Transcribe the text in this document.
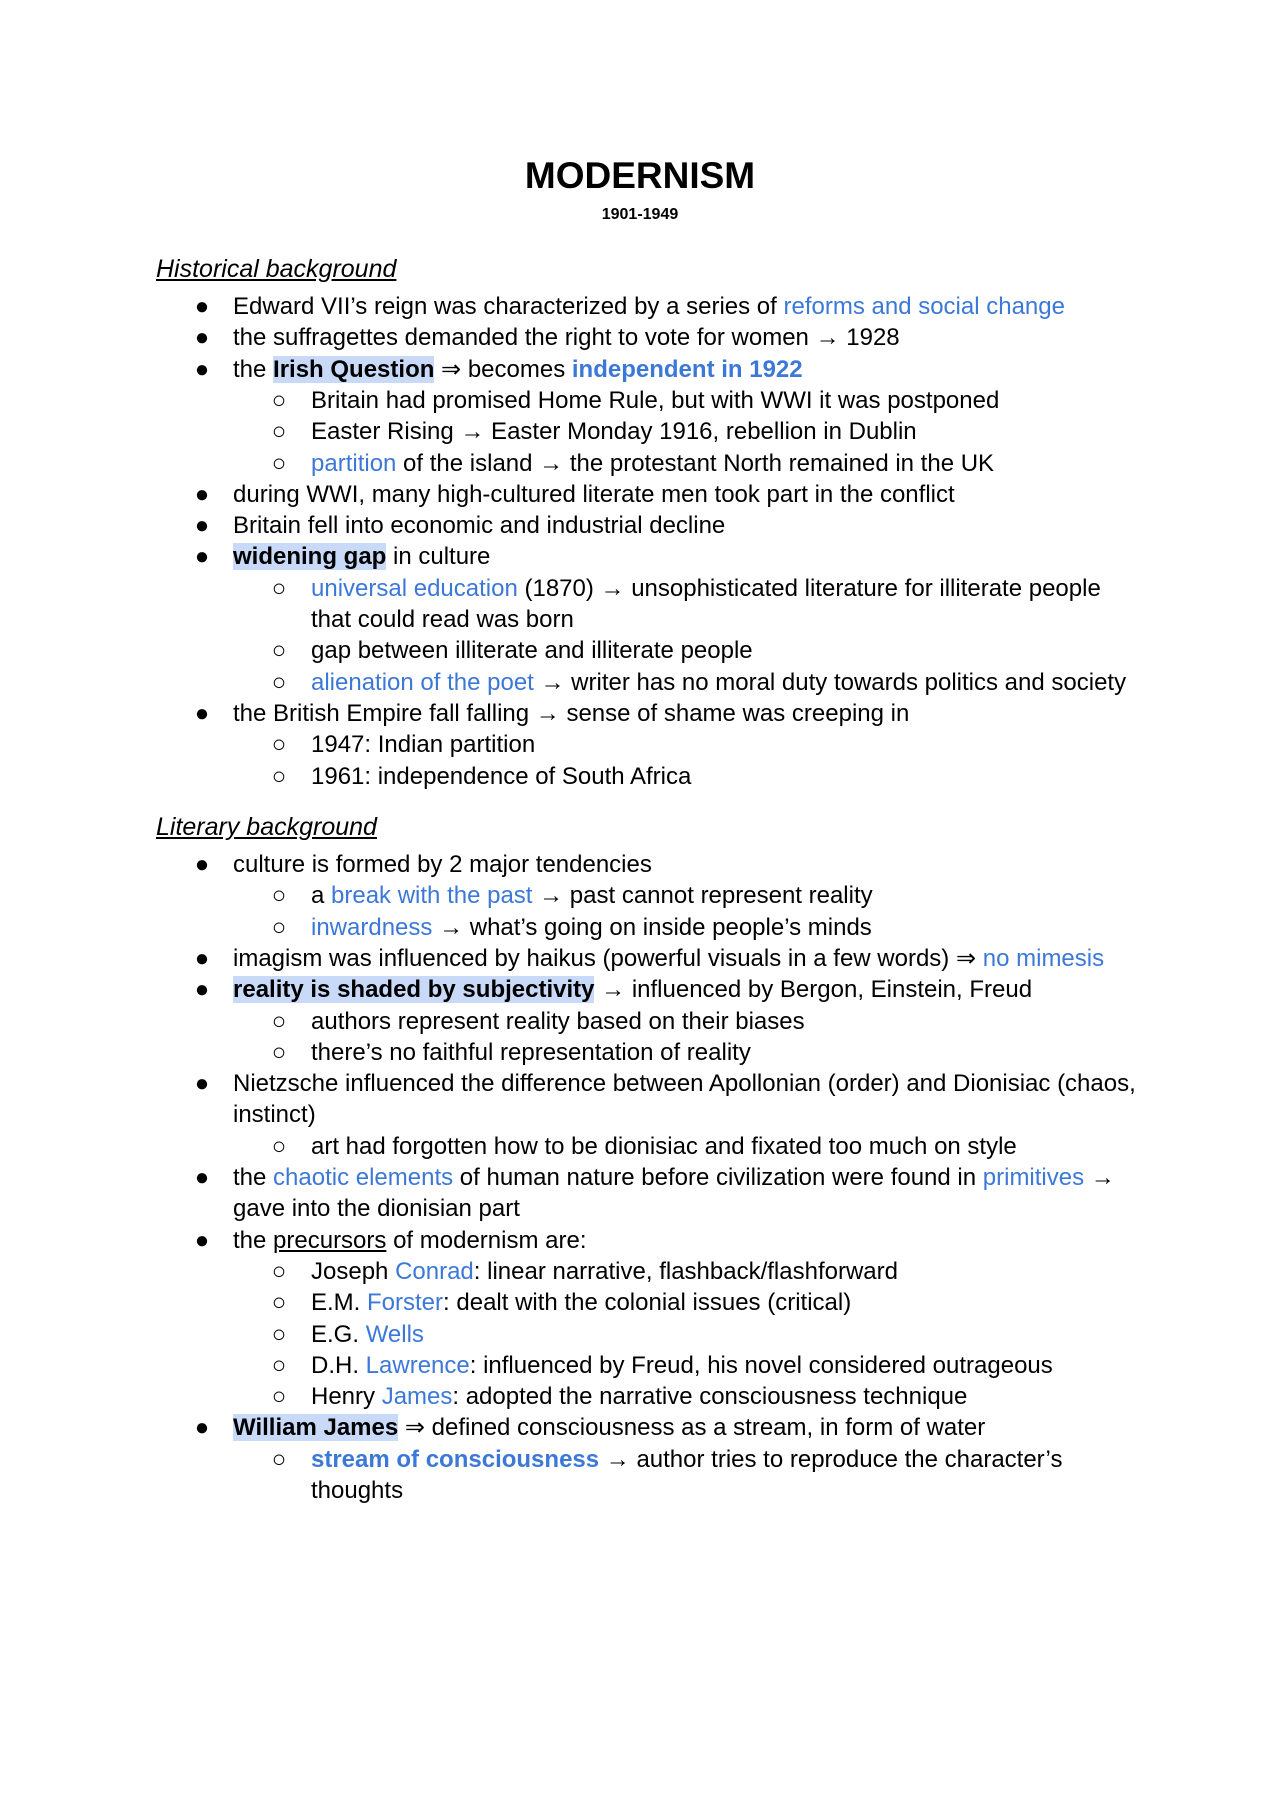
MODERNISM
1901-1949
Historical background
● Edward VII’s reign was characterized by a series of reforms and social change
● the suffragettes demanded the right to vote for women → 1928
● the Irish Question ⇒ becomes independent in 1922
○	Britain had promised Home Rule, but with WWI it was postponed
○	Easter Rising → Easter Monday 1916, rebellion in Dublin
○	partition of the island → the protestant North remained in the UK
● during WWI, many high-cultured literate men took part in the conflict
● Britain fell into economic and industrial decline
● widening gap in culture
○	universal education (1870) → unsophisticated literature for illiterate people
that could read was born
○	gap between illiterate and illiterate people
○	alienation of the poet → writer has no moral duty towards politics and society
● the British Empire fall falling → sense of shame was creeping in
○	1947: Indian partition
○	1961: independence of South Africa
Literary background
● culture is formed by 2 major tendencies
○	a break with the past → past cannot represent reality
○	inwardness → what’s going on inside people’s minds
● imagism was influenced by haikus (powerful visuals in a few words) ⇒ no mimesis
● reality is shaded by subjectivity → influenced by Bergon, Einstein, Freud
○	authors represent reality based on their biases
○	there’s no faithful representation of reality
● Nietzsche influenced the difference between Apollonian (order) and Dionisiac (chaos,
instinct)
○	art had forgotten how to be dionisiac and fixated too much on style
● the chaotic elements of human nature before civilization were found in primitives →
gave into the dionisian part
● the precursors of modernism are:
○	Joseph Conrad: linear narrative, flashback/flashforward
○	E.M. Forster: dealt with the colonial issues (critical)
○	E.G. Wells
○	D.H. Lawrence: influenced by Freud, his novel considered outrageous
○	Henry James: adopted the narrative consciousness technique
● William James ⇒ defined consciousness as a stream, in form of water
○	stream of consciousness → author tries to reproduce the character’s
thoughts
